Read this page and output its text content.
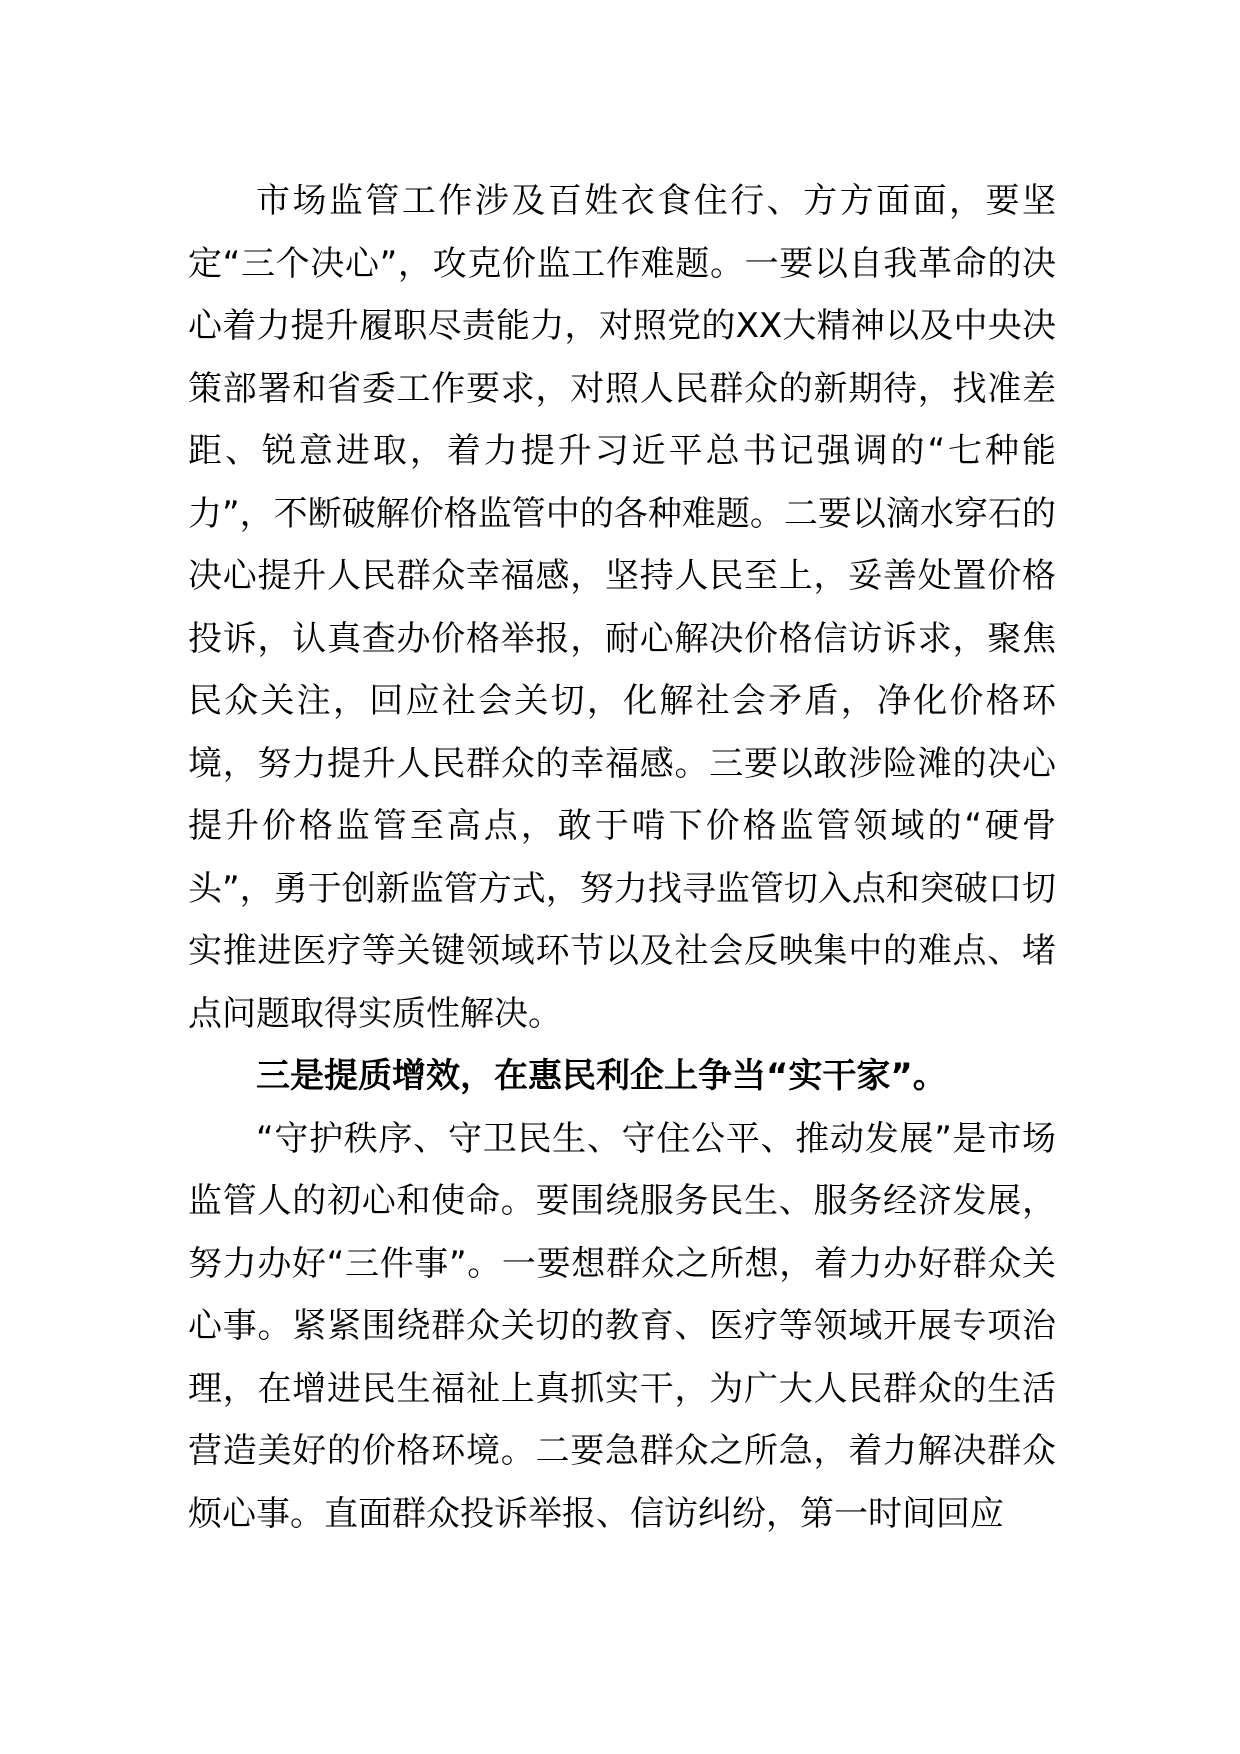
市场监管工作涉及百姓衣食住行、方方面面，要坚定“三个决心”，攻克价监工作难题。一要以自我革命的决心着力提升履职尽责能力，对照党的XX大精神以及中央决策部署和省委工作要求，对照人民群众的新期待，找准差距、锐意进取，着力提升习近平总书记强调的“七种能力”，不断破解价格监管中的各种难题。二要以滴水穿石的决心提升人民群众幸福感，坚持人民至上，妥善处置价格投诉，认真查办价格举报，耐心解决价格信访诉求，聚焦民众关注，回应社会关切，化解社会矛盾，净化价格环境，努力提升人民群众的幸福感。三要以敢涉险滩的决心提升价格监管至高点，敢于啃下价格监管领域的“硬骨头”，勇于创新监管方式，努力找寻监管切入点和突破口切实推进医疗等关键领域环节以及社会反映集中的难点、堵点问题取得实质性解决。

三是提质增效，在惠民利企上争当“实干家”。

“守护秩序、守卫民生、守住公平、推动发展”是市场监管人的初心和使命。要围绕服务民生、服务经济发展，努力办好“三件事”。一要想群众之所想，着力办好群众关心事。紧紧围绕群众关切的教育、医疗等领域开展专项治理，在增进民生福祉上真抓实干，为广大人民群众的生活营造美好的价格环境。二要急群众之所急，着力解决群众烦心事。直面群众投诉举报、信访纠纷，第一时间回应
